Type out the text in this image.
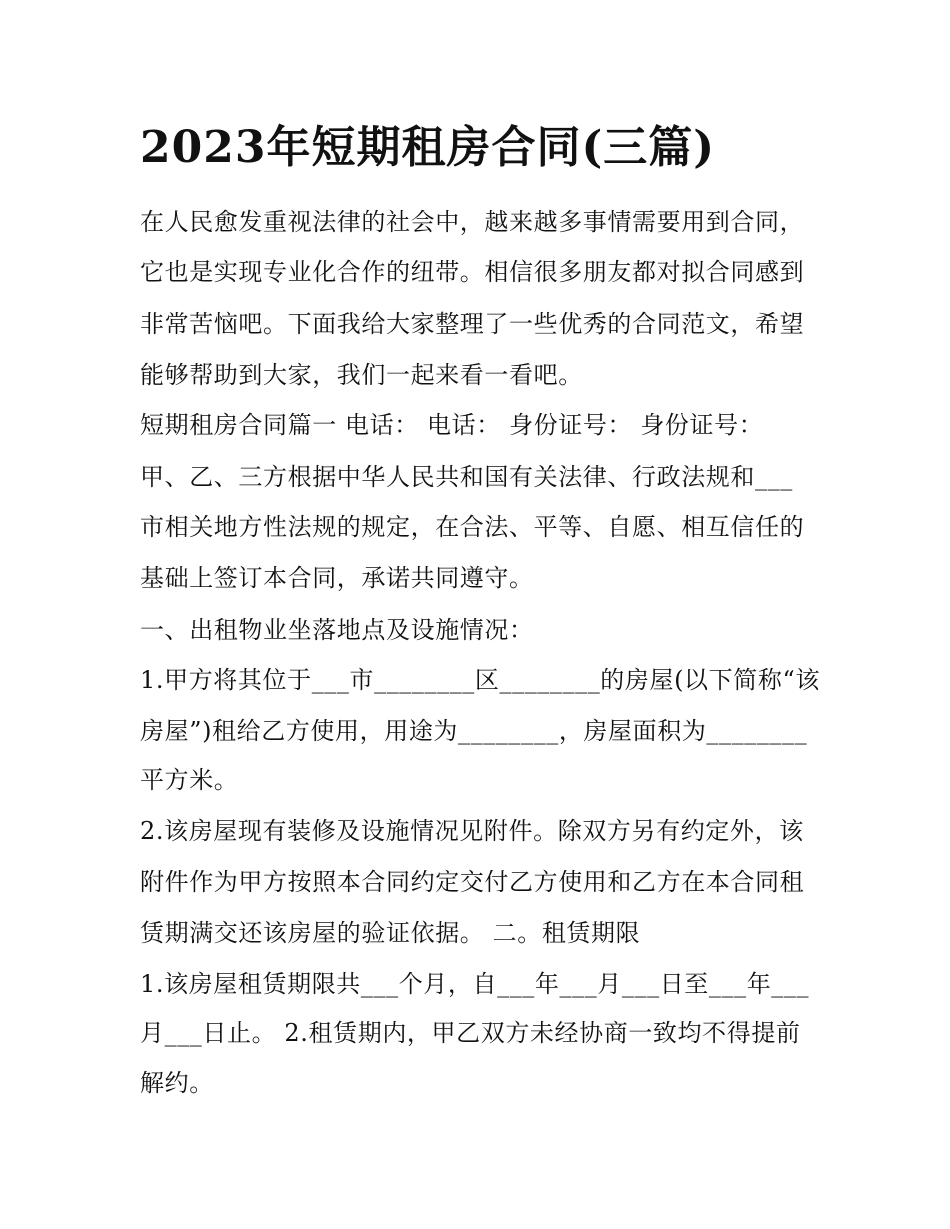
2023年短期租房合同(三篇)
在人民愈发重视法律的社会中，越来越多事情需要用到合同，
它也是实现专业化合作的纽带。相信很多朋友都对拟合同感到
非常苦恼吧。下面我给大家整理了一些优秀的合同范文，希望
能够帮助到大家，我们一起来看一看吧。
短期租房合同篇一 电话： 电话： 身份证号： 身份证号：
甲、乙、三方根据中华人民共和国有关法律、行政法规和___
市相关地方性法规的规定，在合法、平等、自愿、相互信任的
基础上签订本合同，承诺共同遵守。
一、出租物业坐落地点及设施情况：
1.甲方将其位于___市________区________的房屋(以下简称“该
房屋”)租给乙方使用，用途为________，房屋面积为________
平方米。
2.该房屋现有装修及设施情况见附件。除双方另有约定外，该
附件作为甲方按照本合同约定交付乙方使用和乙方在本合同租
赁期满交还该房屋的验证依据。 二。租赁期限
1.该房屋租赁期限共___个月，自___年___月___日至___年___
月___日止。 2.租赁期内，甲乙双方未经协商一致均不得提前
解约。
